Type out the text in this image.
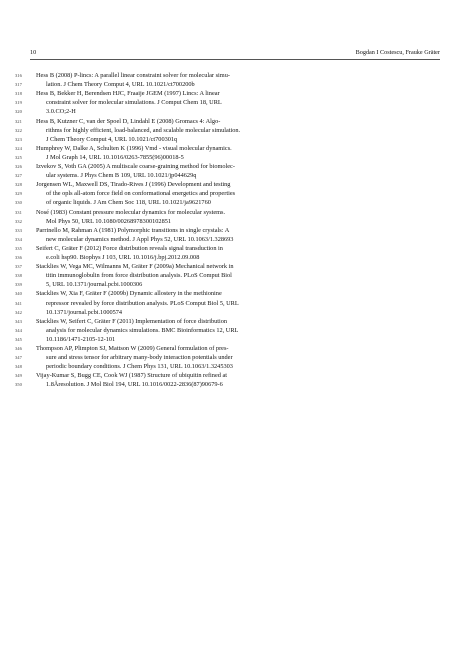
10	Bogdan I Costescu, Frauke Gräter
316	Hess B (2008) P-lincs: A parallel linear constraint solver for molecular simu-
317	lation. J Chem Theory Comput 4, URL 10.1021/ct700200b
318	Hess B, Bekker H, Berendsen HJC, Fraaije JGEM (1997) Lincs: A linear
319	constraint solver for molecular simulations. J Comput Chem 18, URL
320	3.0.CO;2-H
321	Hess B, Kutzner C, van der Spoel D, Lindahl E (2008) Gromacs 4: Algo-
322	rithms for highly efficient, load-balanced, and scalable molecular simulation.
323	J Chem Theory Comput 4, URL 10.1021/ct700301q
324	Humphrey W, Dalke A, Schulten K (1996) Vmd - visual molecular dynamics.
325	J Mol Graph 14, URL 10.1016/0263-7855(96)00018-5
326	Izvekov S, Voth GA (2005) A multiscale coarse-graining method for biomolec-
327	ular systems. J Phys Chem B 109, URL 10.1021/jp044629q
328	Jorgensen WL, Maxwell DS, Tirado-Rives J (1996) Development and testing
329	of the opls all-atom force field on conformational energetics and properties
330	of organic liquids. J Am Chem Soc 118, URL 10.1021/ja9621760
331	Nosé (1983) Constant pressure molecular dynamics for molecular systems.
332	Mol Phys 50, URL 10.1080/00268978300102851
333	Parrinello M, Rahman A (1981) Polymorphic transitions in single crystals: A
334	new molecular dynamics method. J Appl Phys 52, URL 10.1063/1.328693
335	Seifert C, Gräter F (2012) Force distribution reveals signal transduction in
336	e.coli hsp90. Biophys J 103, URL 10.1016/j.bpj.2012.09.008
337	Stacklies W, Vega MC, Wilmanns M, Gräter F (2009a) Mechanical network in
338	titin immunoglobulin from force distribution analysis. PLoS Comput Biol
339	5, URL 10.1371/journal.pcbi.1000306
340	Stacklies W, Xia F, Gräter F (2009b) Dynamic allostery in the methionine
341	repressor revealed by force distribution analysis. PLoS Comput Biol 5, URL
342	10.1371/journal.pcbi.1000574
343	Stacklies W, Seifert C, Gräter F (2011) Implementation of force distribution
344	analysis for molecular dynamics simulations. BMC Bioinformatics 12, URL
345	10.1186/1471-2105-12-101
346	Thompson AP, Plimpton SJ, Mattson W (2009) General formulation of pres-
347	sure and stress tensor for arbitrary many-body interaction potentials under
348	periodic boundary conditions. J Chem Phys 131, URL 10.1063/1.3245303
349	Vijay-Kumar S, Bugg CE, Cook WJ (1987) Structure of ubiquitin refined at
350	1.8Åresolution. J Mol Biol 194, URL 10.1016/0022-2836(87)90679-6
